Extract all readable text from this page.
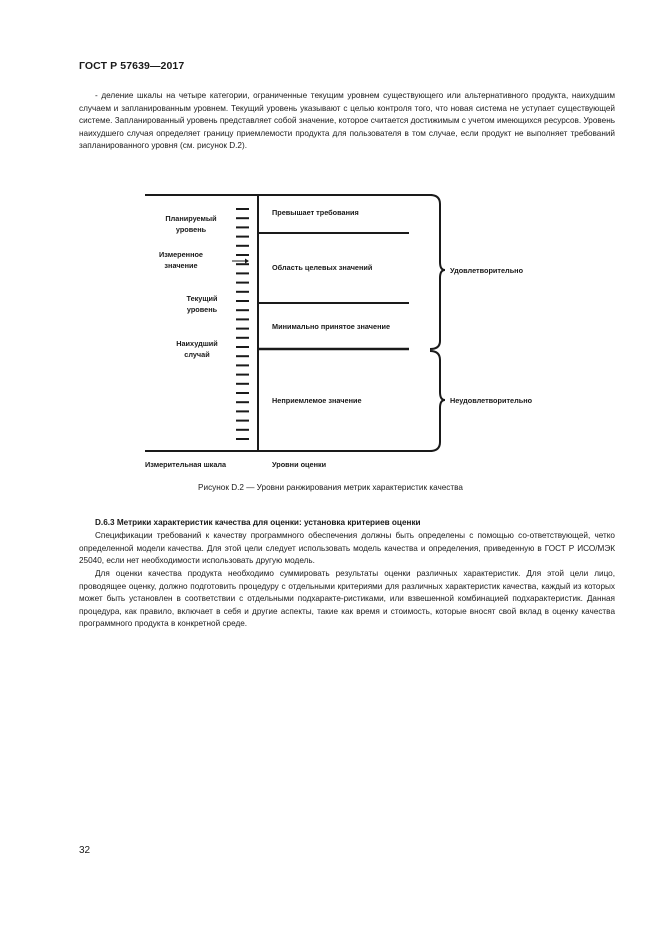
ГОСТ Р 57639—2017
- деление шкалы на четыре категории, ограниченные текущим уровнем существующего или альтернативного продукта, наихудшим случаем и запланированным уровнем. Текущий уровень указывают с целью контроля того, что новая система не уступает существующей системе. Запланированный уровень представляет собой значение, которое считается достижимым с учетом имеющихся ресурсов. Уровень наихудшего случая определяет границу приемлемости продукта для пользователя в том случае, если продукт не выполняет требований запланированного уровня (см. рисунок D.2).
Планируемый
уровень
Измеренное
значение
Текущий
уровень
Наихудший
случай
Превышает требования
Область целевых значений
Минимально принятое значение
Неприемлемое значение
Удовлетворительно
Неудовлетворительно
Измерительная шкала	Уровни оценки
Рисунок D.2 — Уровни ранжирования метрик характеристик качества
D.6.3 Метрики характеристик качества для оценки: установка критериев оценки
Спецификации требований к качеству программного обеспечения должны быть определены с помощью со-ответствующей, четко определенной модели качества. Для этой цели следует использовать модель качества и определения, приведенную в ГОСТ Р ИСО/МЭК 25040, если нет необходимости использовать другую модель.
Для оценки качества продукта необходимо суммировать результаты оценки различных характеристик. Для этой цели лицо, проводящее оценку, должно подготовить процедуру с отдельными критериями для различных характеристик качества, каждый из которых может быть установлен в соответствии с отдельными подхаракте-ристиками, или взвешенной комбинацией подхарактеристик. Данная процедура, как правило, включает в себя и другие аспекты, такие как время и стоимость, которые вносят свой вклад в оценку качества программного продукта в конкретной среде.
32
